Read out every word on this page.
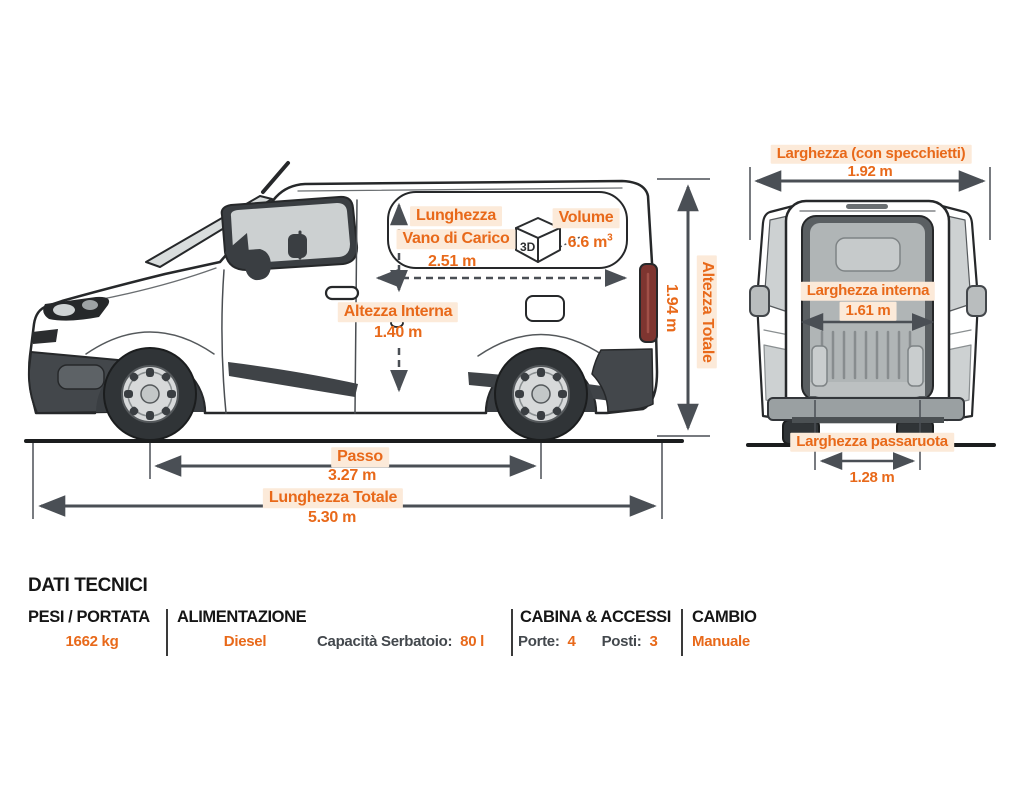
3D
Lunghezza
Vano di Carico
2.51 m
Volume
6.6 $m^3$
Altezza Interna
1.40 m	Altezza Totale
1.94 m
Passo
3.27 m
Lunghezza Totale
5.30 m
Larghezza (con specchietti)
1.92 m
Larghezza interna
1.61 m
Larghezza passaruota
1.28 m
DATI TECNICI
PESI / PORTATA
1662 kg
ALIMENTAZIONE
Diesel	Capacità Serbatoio: 80 l
CABINA & ACCESSI
Porte: 4 Posti: 3
CAMBIO
Manuale
